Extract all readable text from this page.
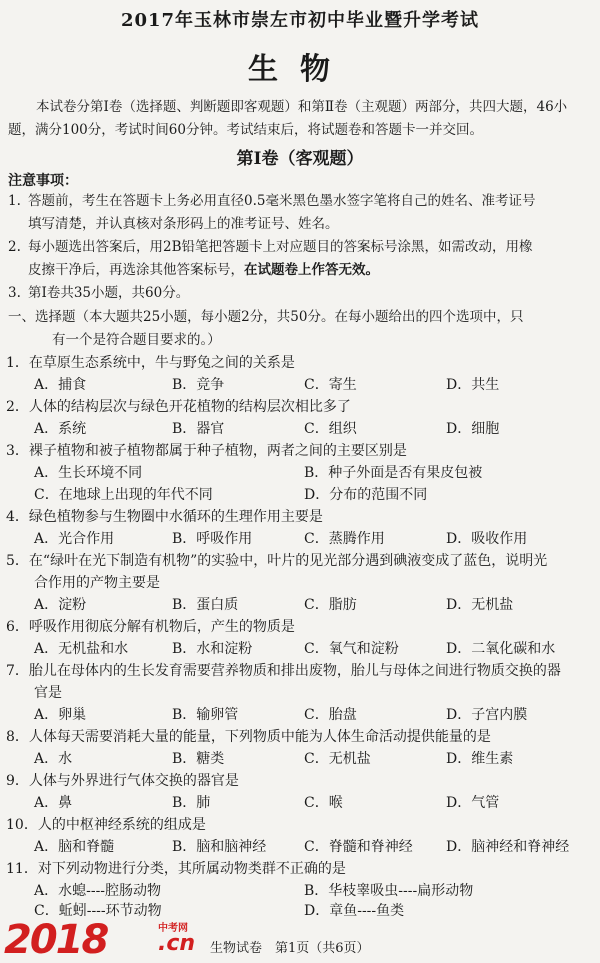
2017年玉林市崇左市初中毕业暨升学考试
生物
本试卷分第Ⅰ卷（选择题、判断题即客观题）和第Ⅱ卷（主观题）两部分，共四大题，46小题，满分100分，考试时间60分钟。考试结束后，将试题卷和答题卡一并交回。
第Ⅰ卷（客观题）
注意事项：
1. 答题前，考生在答题卡上务必用直径0.5毫米黑色墨水签字笔将自己的姓名、准考证号
填写清楚，并认真核对条形码上的准考证号、姓名。
2. 每小题选出答案后，用2B铅笔把答题卡上对应题目的答案标号涂黑，如需改动，用橡
皮擦干净后，再选涂其他答案标号，在试题卷上作答无效。
3. 第Ⅰ卷共35小题，共60分。
一、选择题（本大题共25小题，每小题2分，共50分。在每小题给出的四个选项中，只
有一个是符合题目要求的。）
1．在草原生态系统中，牛与野兔之间的关系是
A．捕食	B．竞争	C．寄生	D．共生
2．人体的结构层次与绿色开花植物的结构层次相比多了
A．系统	B．器官	C．组织	D．细胞
3．裸子植物和被子植物都属于种子植物，两者之间的主要区别是
A．生长环境不同	B．种子外面是否有果皮包被
C．在地球上出现的年代不同	D．分布的范围不同
4．绿色植物参与生物圈中水循环的生理作用主要是
A．光合作用	B．呼吸作用	C．蒸腾作用	D．吸收作用
5．在“绿叶在光下制造有机物”的实验中，叶片的见光部分遇到碘液变成了蓝色，说明光
合作用的产物主要是
A．淀粉	B．蛋白质	C．脂肪	D．无机盐
6．呼吸作用彻底分解有机物后，产生的物质是
A．无机盐和水	B．水和淀粉	C．氧气和淀粉	D．二氧化碳和水
7．胎儿在母体内的生长发育需要营养物质和排出废物，胎儿与母体之间进行物质交换的器
官是
A．卵巢	B．输卵管	C．胎盘	D．子宫内膜
8．人体每天需要消耗大量的能量，下列物质中能为人体生命活动提供能量的是
A．水	B．糖类	C．无机盐	D．维生素
9．人体与外界进行气体交换的器官是
A．鼻	B．肺	C．喉	D．气管
10．人的中枢神经系统的组成是
A．脑和脊髓	B．脑和脑神经	C．脊髓和脊神经 D．脑神经和脊神经
11．对下列动物进行分类，其所属动物类群不正确的是
A．水螅----腔肠动物	B．华枝睾吸虫----扁形动物
C．蚯蚓----环节动物	D．章鱼----鱼类
2018	中考网
.cn 生物试卷　第1页（共6页）
